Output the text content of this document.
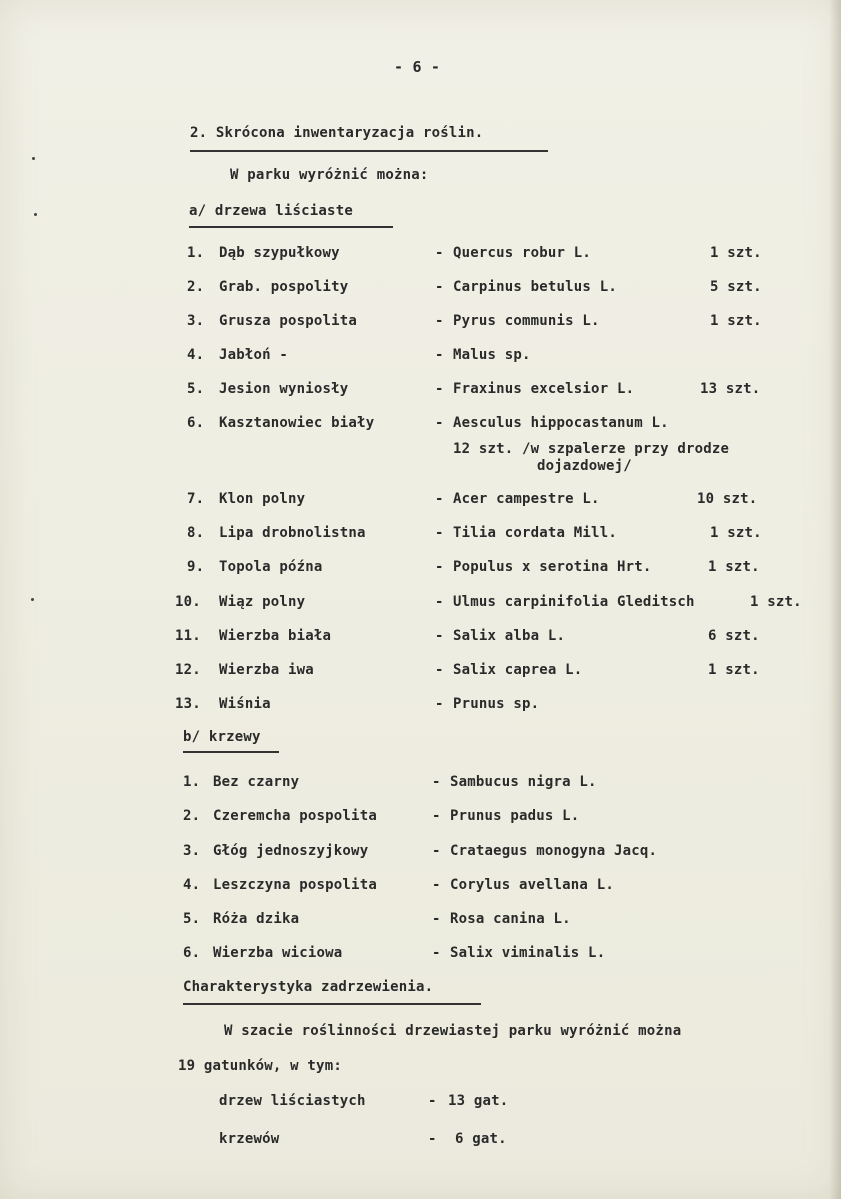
- 6 -
2. Skrócona inwentaryzacja roślin.
W parku wyróżnić można:
a/ drzewa liściaste
1. Dąb szypułkowy	- Quercus robur L.	1 szt.
2. Grab. pospolity	- Carpinus betulus L.	5 szt.
3. Grusza pospolita	- Pyrus communis L.	1 szt.
4. Jabłoń -	- Malus sp.
5. Jesion wyniosły	- Fraxinus excelsior L.	13 szt.
6. Kasztanowiec biały	- Aesculus hippocastanum L.
12 szt. /w szpalerze przy drodze
dojazdowej/
7. Klon polny	- Acer campestre L.	10 szt.
8. Lipa drobnolistna	- Tilia cordata Mill.	1 szt.
9. Topola późna	- Populus x serotina Hrt.	1 szt.
10. Wiąz polny	- Ulmus carpinifolia Gleditsch	1 szt.
11. Wierzba biała	- Salix alba L.	6 szt.
12. Wierzba iwa	- Salix caprea L.	1 szt.
13. Wiśnia	- Prunus sp.
b/ krzewy
1. Bez czarny	- Sambucus nigra L.
2. Czeremcha pospolita	- Prunus padus L.
3. Głóg jednoszyjkowy	- Crataegus monogyna Jacq.
4. Leszczyna pospolita	- Corylus avellana L.
5. Róża dzika	- Rosa canina L.
6. Wierzba wiciowa	- Salix viminalis L.
Charakterystyka zadrzewienia.
W szacie roślinności drzewiastej parku wyróżnić można
19 gatunków, w tym:
drzew liściastych	- 13 gat.
krzewów	- 6 gat.
